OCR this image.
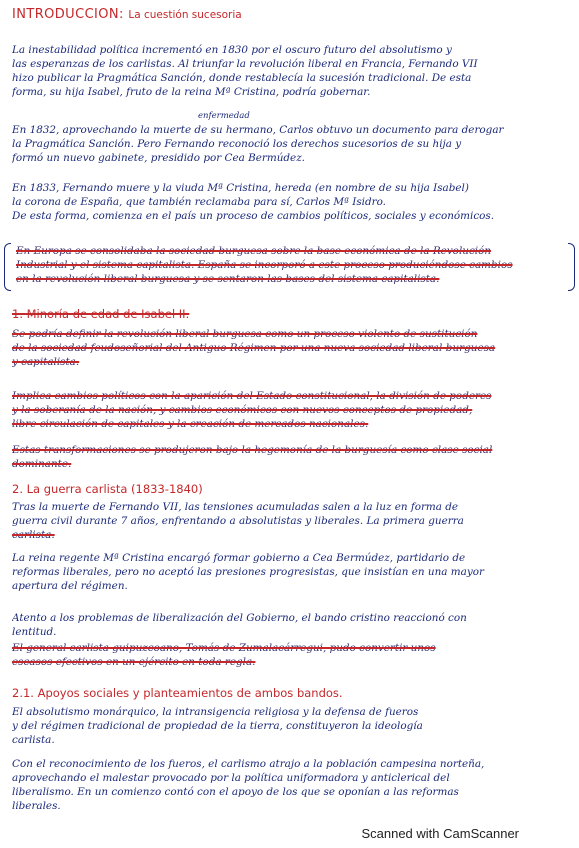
INTRODUCCIÓN: La cuestión sucesoria
La inestabilidad política incrementó en 1830 por el oscuro futuro del absolutismo y
las esperanzas de los carlistas. Al triunfar la revolución liberal en Francia, Fernando VII
hizo publicar la Pragmática Sanción, donde restablecía la sucesión tradicional. De esta
forma, su hija Isabel, fruto de la reina Mª Cristina, podría gobernar.
enfermedad
En 1832, aprovechando la muerte de su hermano, Carlos obtuvo un documento para derogar
la Pragmática Sanción. Pero Fernando reconoció los derechos sucesorios de su hija y
formó un nuevo gabinete, presidido por Cea Bermúdez.
En 1833, Fernando muere y la viuda Mª Cristina, hereda (en nombre de su hija Isabel)
la corona de España, que también reclamaba para sí, Carlos Mª Isidro.
De esta forma, comienza en el país un proceso de cambios políticos, sociales y económicos.
En Europa se consolidaba la sociedad burguesa sobre la base económica de la Revolución
Industrial y el sistema capitalista. España se incorporó a este proceso produciéndose cambios
en la revolución liberal burguesa y se sentaron las bases del sistema capitalista.
1. Minoría de edad de Isabel II.
Se podría definir la revolución liberal burguesa como un proceso violento de sustitución
de la sociedad feudoseñorial del Antiguo Régimen por una nueva sociedad liberal-burguesa
y capitalista.
Implica cambios políticos con la aparición del Estado constitucional, la división de poderes
y la soberanía de la nación, y cambios económicos con nuevos conceptos de propiedad,
libre circulación de capitales y la creación de mercados nacionales.
Estas transformaciones se produjeron bajo la hegemonía de la burguesía como clase social
dominante.
2. La guerra carlista (1833-1840)
Tras la muerte de Fernando VII, las tensiones acumuladas salen a la luz en forma de
guerra civil durante 7 años, enfrentando a absolutistas y liberales. La primera guerra
carlista.
La reina regente Mª Cristina encargó formar gobierno a Cea Bermúdez, partidario de
reformas liberales, pero no aceptó las presiones progresistas, que insistían en una mayor
apertura del régimen.
Atento a los problemas de liberalización del Gobierno, el bando cristino reaccionó con
lentitud.
El general carlista guipuzcoano, Tomás de Zumalacárregui, pudo convertir unos
escasos efectivos en un ejército en toda regla.
2.1. Apoyos sociales y planteamientos de ambos bandos.
El absolutismo monárquico, la intransigencia religiosa y la defensa de fueros
y del régimen tradicional de propiedad de la tierra, constituyeron la ideología
carlista.
Con el reconocimiento de los fueros, el carlismo atrajo a la población campesina norteña,
aprovechando el malestar provocado por la política uniformadora y anticlerical del
liberalismo. En un comienzo contó con el apoyo de los que se oponían a las reformas
liberales.
Scanned with CamScanner
